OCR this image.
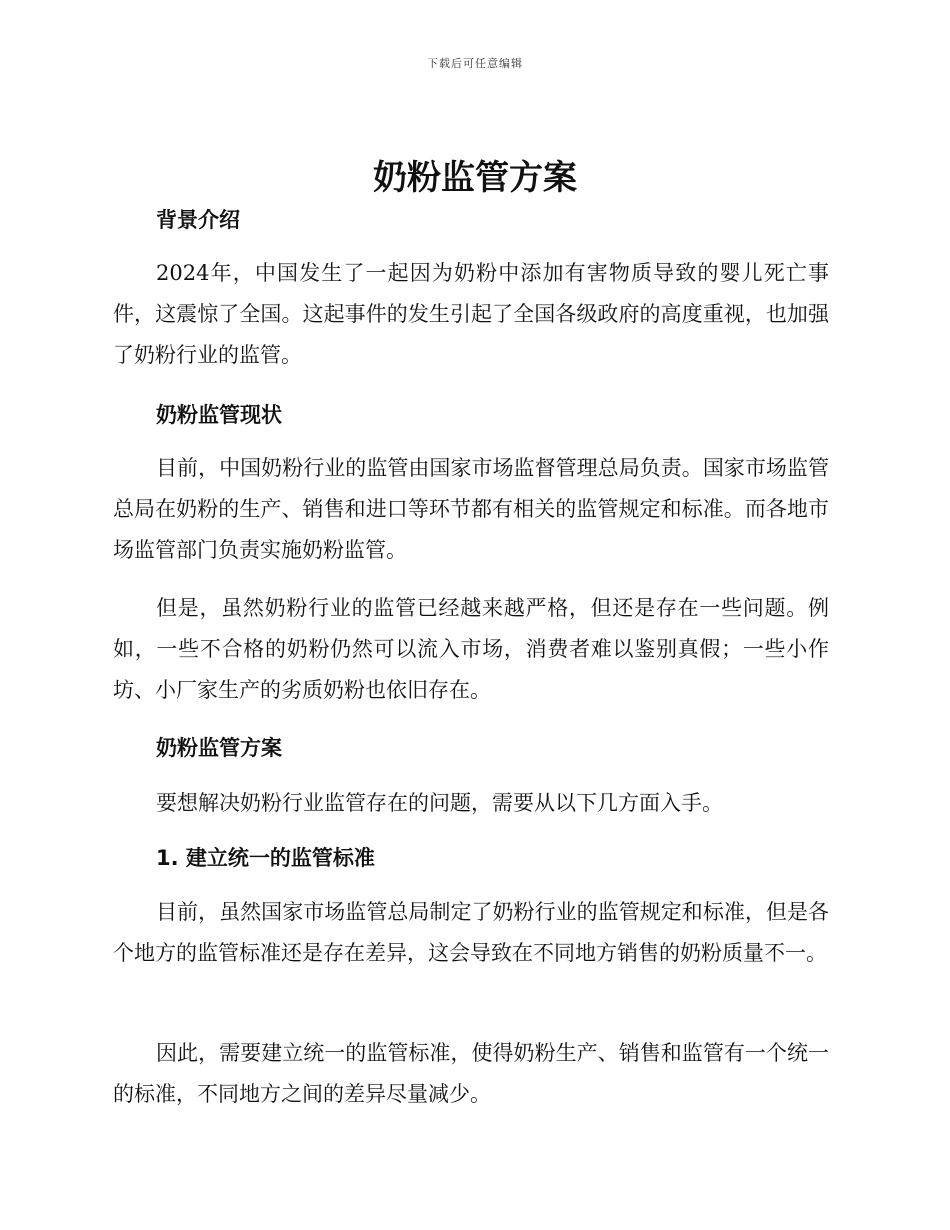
下载后可任意编辑
奶粉监管方案
背景介绍

2024年，中国发生了一起因为奶粉中添加有害物质导致的婴儿死亡事件，这震惊了全国。这起事件的发生引起了全国各级政府的高度重视，也加强了奶粉行业的监管。

奶粉监管现状

目前，中国奶粉行业的监管由国家市场监督管理总局负责。国家市场监管总局在奶粉的生产、销售和进口等环节都有相关的监管规定和标准。而各地市场监管部门负责实施奶粉监管。

但是，虽然奶粉行业的监管已经越来越严格，但还是存在一些问题。例如，一些不合格的奶粉仍然可以流入市场，消费者难以鉴别真假；一些小作坊、小厂家生产的劣质奶粉也依旧存在。

奶粉监管方案

要想解决奶粉行业监管存在的问题，需要从以下几方面入手。

1. 建立统一的监管标准

目前，虽然国家市场监管总局制定了奶粉行业的监管规定和标准，但是各个地方的监管标准还是存在差异，这会导致在不同地方销售的奶粉质量不一。

因此，需要建立统一的监管标准，使得奶粉生产、销售和监管有一个统一的标准，不同地方之间的差异尽量减少。
